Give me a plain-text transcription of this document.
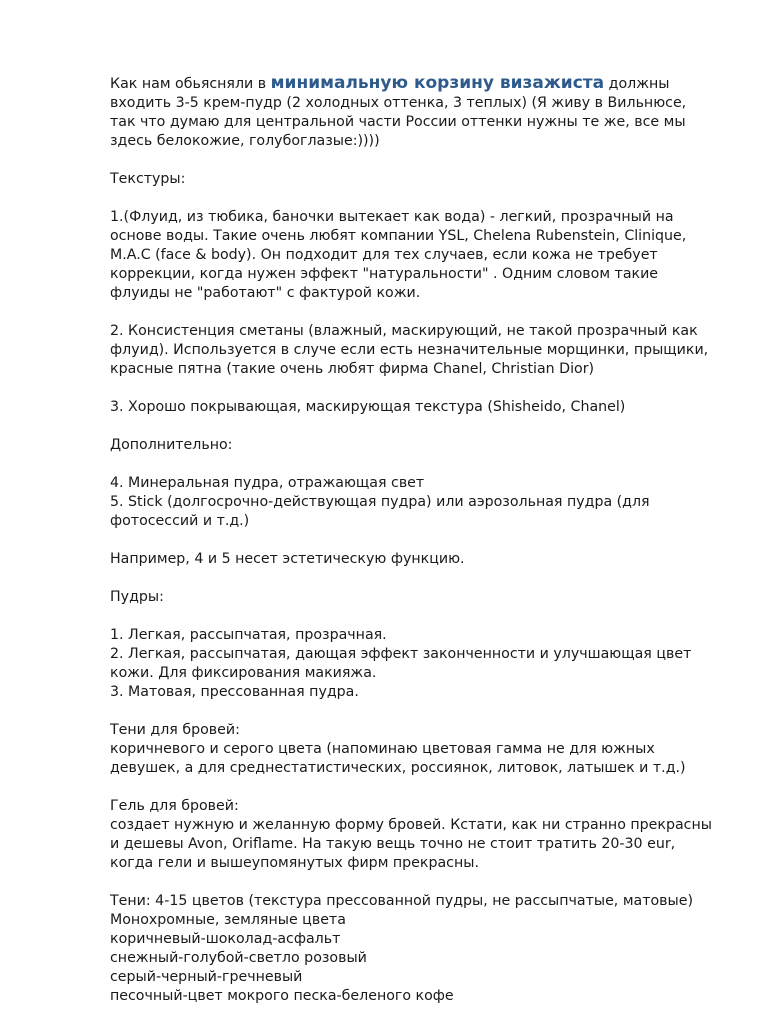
Как нам обьясняли в минимальную корзину визажиста должны
входить 3-5 крем-пудр (2 холодных оттенка, 3 теплых) (Я живу в Вильнюсе,
так что думаю для центральной части России оттенки нужны те же, все мы
здесь белокожие, голубоглазые:))))
Текстуры:
1.(Флуид, из тюбика, баночки вытекает как вода) - легкий, прозрачный на
основе воды. Такие очень любят компании YSL, Chelena Rubenstein, Clinique,
M.A.C (face & body). Он подходит для тех случаев, если кожа не требует
коррекции, когда нужен эффект "натуральности" . Одним словом такие
флуиды не "работают" с фактурой кожи.
2. Консистенция сметаны (влажный, маскирующий, не такой прозрачный как
флуид). Используется в случе если есть незначительные морщинки, прыщики,
красные пятна (такие очень любят фирма Chanel, Christian Dior)
3. Хорошо покрывающая, маскирующая текстура (Shisheido, Chanel)
Дополнительно:
4. Минеральная пудра, отражающая свет
5. Stick (долгосрочно-действующая пудра) или аэрозольная пудра (для
фотосессий и т.д.)
Например, 4 и 5 несет эстетическую функцию.
Пудры:
1. Легкая, рассыпчатая, прозрачная.
2. Легкая, рассыпчатая, дающая эффект законченности и улучшающая цвет
кожи. Для фиксирования макияжа.
3. Матовая, прессованная пудра.
Тени для бровей:
коричневого и серого цвета (напоминаю цветовая гамма не для южных
девушек, а для среднестатистических, россиянок, литовок, латышек и т.д.)
Гель для бровей:
создает нужную и желанную форму бровей. Кстати, как ни странно прекрасны
и дешевы Avon, Oriflame. На такую вещь точно не стоит тратить 20-30 eur,
когда гели и вышеупомянутых фирм прекрасны.
Тени: 4-15 цветов (текстура прессованной пудры, не рассыпчатые, матовые)
Монохромные, земляные цвета
коричневый-шоколад-асфальт
снежный-голубой-светло розовый
серый-черный-гречневый
песочный-цвет мокрого песка-беленого кофе
